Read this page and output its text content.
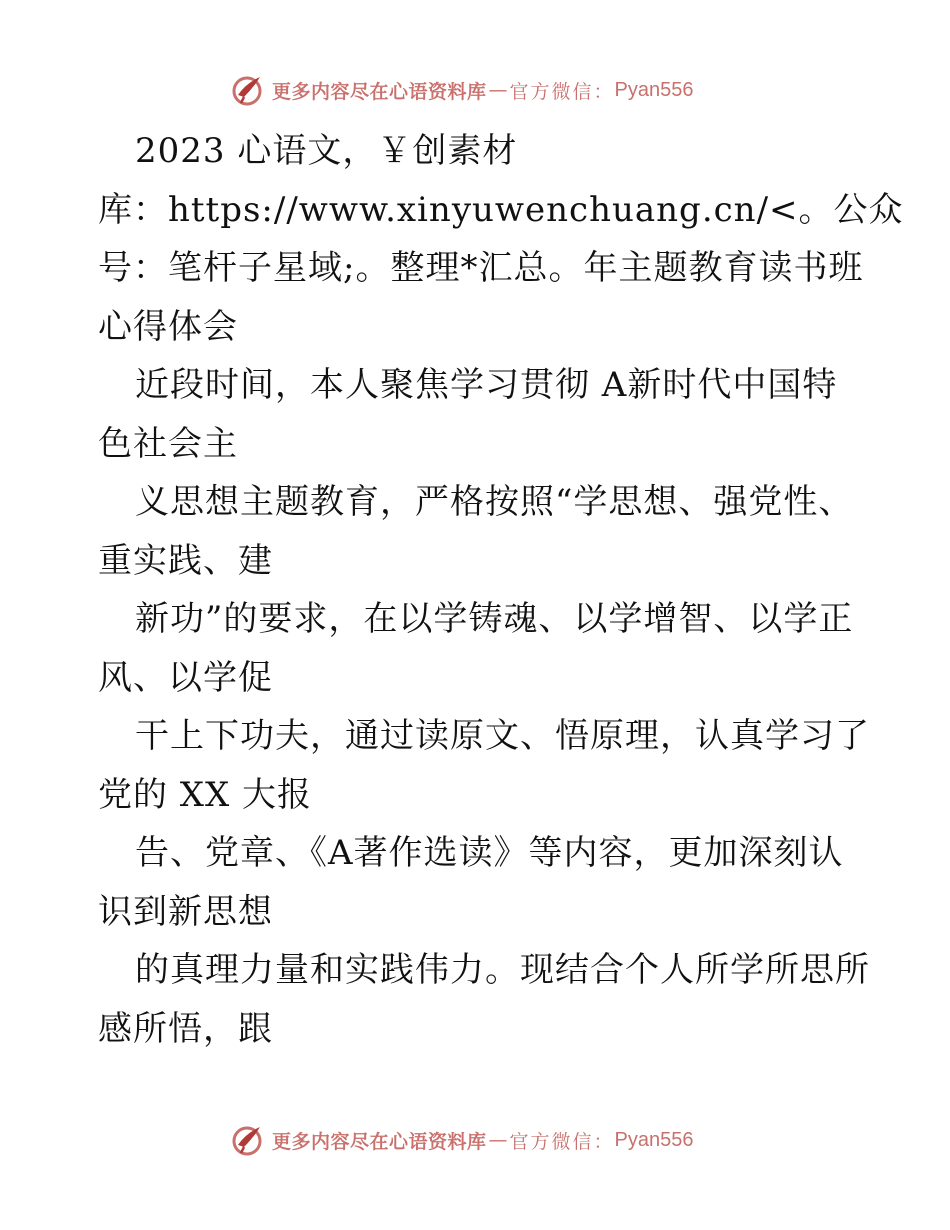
更多内容尽在心语资料库 — 官方微信： Pyan556
2023 心语文，￥创素材
库：https://www.xinyuwenchuang.cn/<。公众
号：笔杆子星域;。整理*汇总。年主题教育读书班
心得体会
近段时间，本人聚焦学习贯彻 A新时代中国特
色社会主
义思想主题教育，严格按照“学思想、强党性、
重实践、建
新功”的要求，在以学铸魂、以学增智、以学正
风、以学促
干上下功夫，通过读原文、悟原理，认真学习了
党的 XX 大报
告、党章、《A著作选读》等内容，更加深刻认
识到新思想
的真理力量和实践伟力。现结合个人所学所思所
感所悟，跟
更多内容尽在心语资料库 — 官方微信： Pyan556
